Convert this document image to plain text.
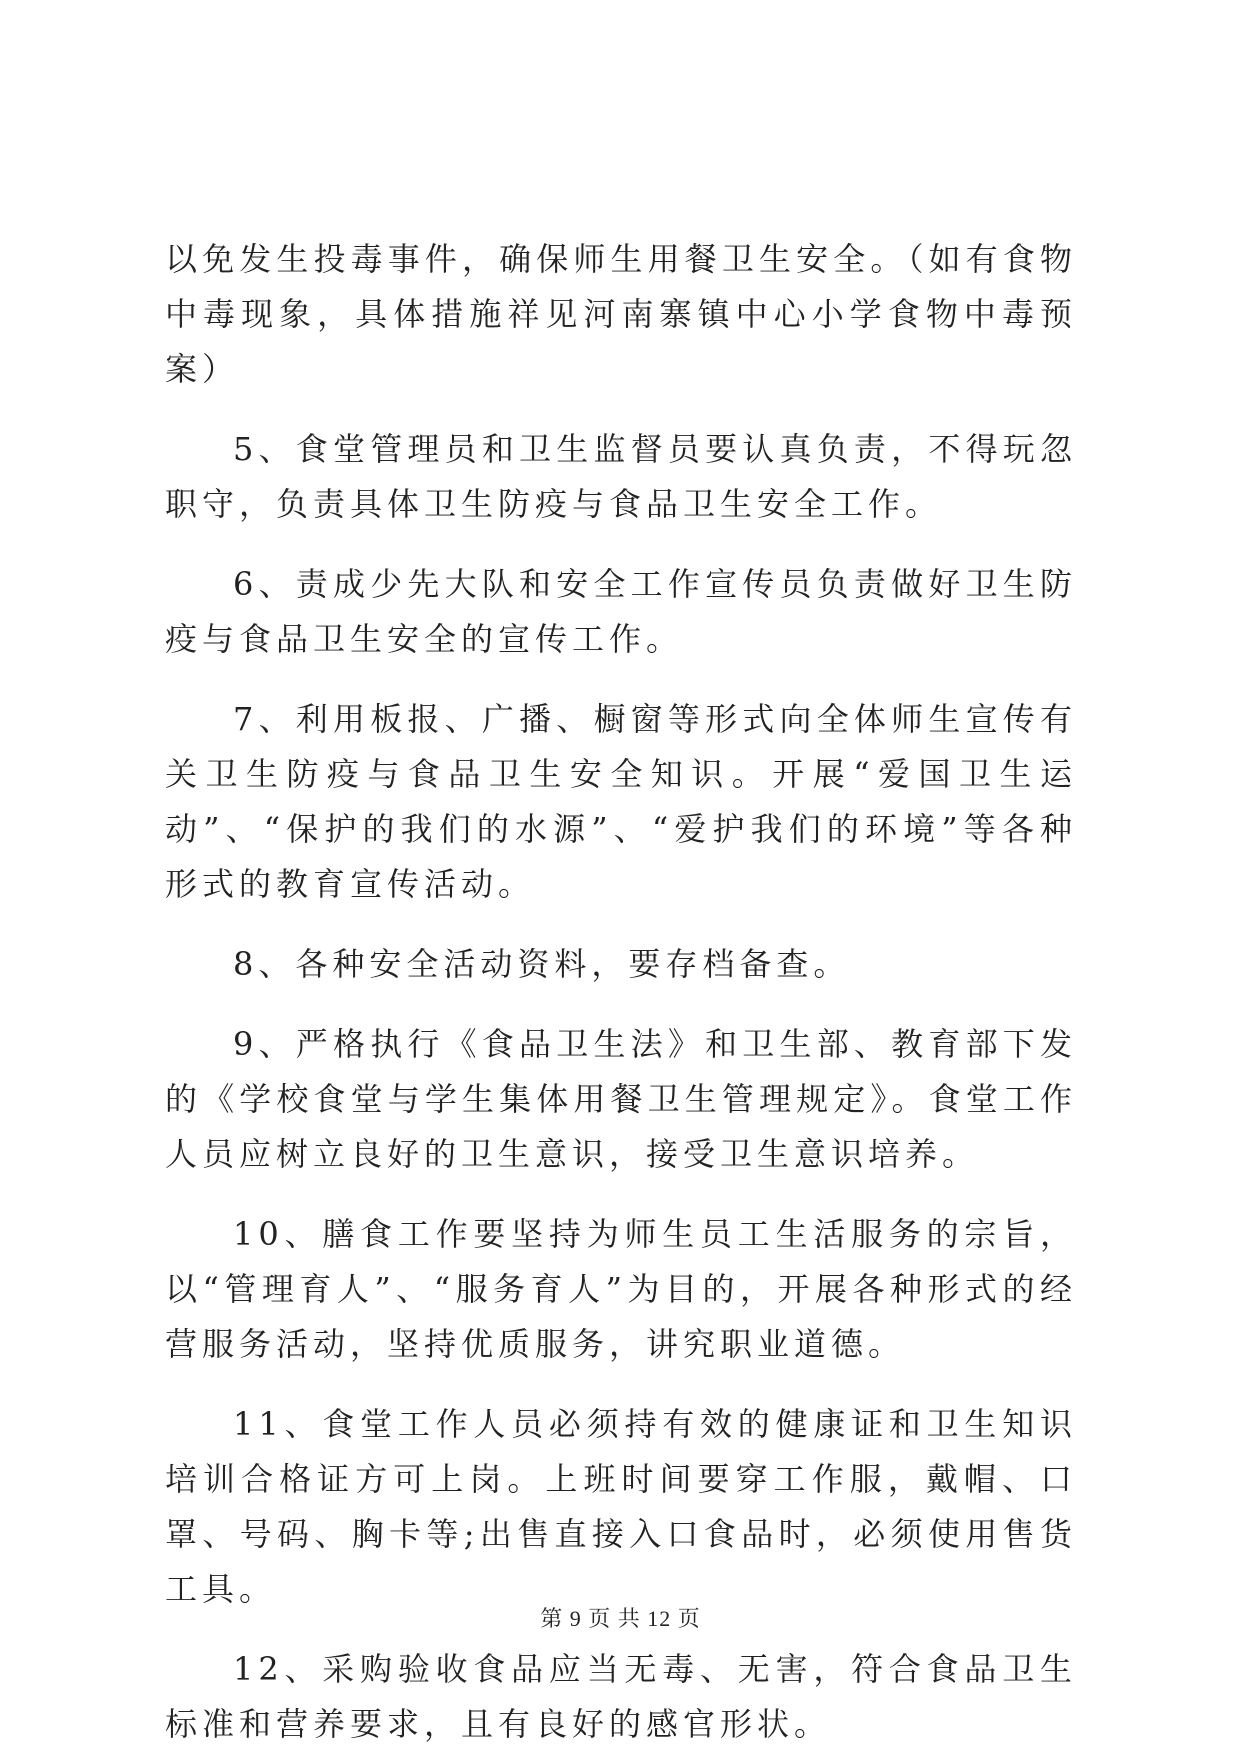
以免发生投毒事件，确保师生用餐卫生安全。（如有食物中毒现象，具体措施祥见河南寨镇中心小学食物中毒预案）

5、食堂管理员和卫生监督员要认真负责，不得玩忽职守，负责具体卫生防疫与食品卫生安全工作。

6、责成少先大队和安全工作宣传员负责做好卫生防疫与食品卫生安全的宣传工作。

7、利用板报、广播、橱窗等形式向全体师生宣传有关卫生防疫与食品卫生安全知识。开展“爱国卫生运动”、“保护的我们的水源”、“爱护我们的环境”等各种形式的教育宣传活动。

8、各种安全活动资料，要存档备查。

9、严格执行《食品卫生法》和卫生部、教育部下发的《学校食堂与学生集体用餐卫生管理规定》。食堂工作人员应树立良好的卫生意识，接受卫生意识培养。

10、膳食工作要坚持为师生员工生活服务的宗旨，以“管理育人”、“服务育人”为目的，开展各种形式的经营服务活动，坚持优质服务，讲究职业道德。

11、食堂工作人员必须持有效的健康证和卫生知识培训合格证方可上岗。上班时间要穿工作服，戴帽、口罩、号码、胸卡等;出售直接入口食品时，必须使用售货工具。

12、采购验收食品应当无毒、无害，符合食品卫生标准和营养要求，且有良好的感官形状。

第 9 页 共 12 页
